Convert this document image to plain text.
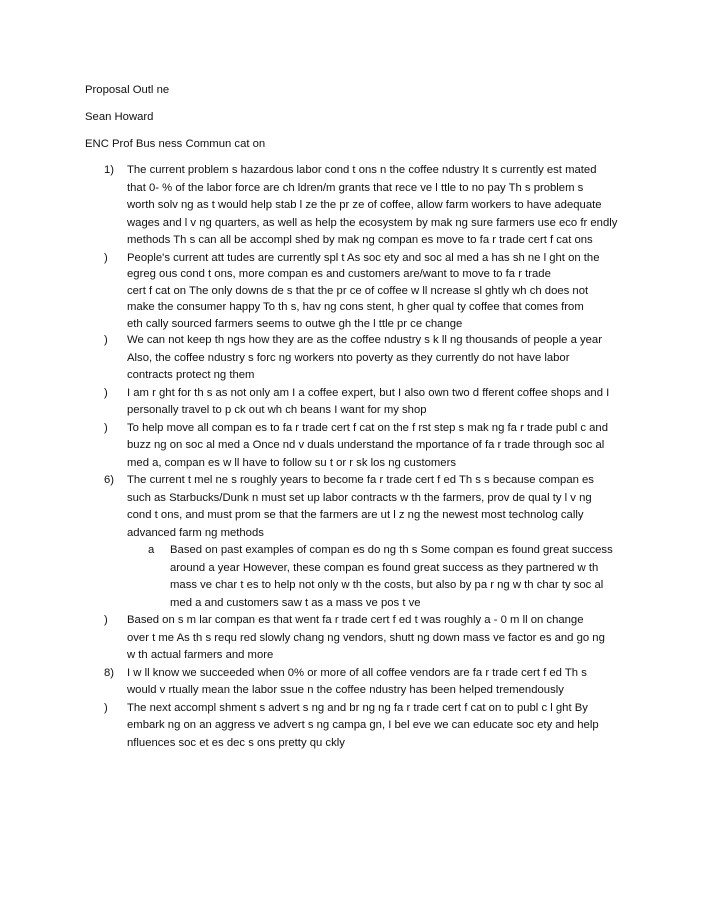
Proposal Outl ne
Sean Howard
ENC Prof Bus ness Commun cat on
1)	The current problem s hazardous labor cond t ons n the coffee ndustry It s currently est mated
that 0- % of the labor force are ch ldren/m grants that rece ve l ttle to no pay Th s problem s
worth solv ng as t would help stab l ze the pr ze of coffee, allow farm workers to have adequate
wages and l v ng quarters, as well as help the ecosystem by mak ng sure farmers use eco fr endly
methods Th s can all be accompl shed by mak ng compan es move to fa r trade cert f cat ons
)	People's current att tudes are currently spl t As soc ety and soc al med a has sh ne l ght on the
egreg ous cond t ons, more compan es and customers are/want to move to fa r trade
cert f cat on The only downs de s that the pr ce of coffee w ll ncrease sl ghtly wh ch does not
make the consumer happy To th s, hav ng cons stent, h gher qual ty coffee that comes from
eth cally sourced farmers seems to outwe gh the l ttle pr ce change
)	We can not keep th ngs how they are as the coffee ndustry s k ll ng thousands of people a year
Also, the coffee ndustry s forc ng workers nto poverty as they currently do not have labor
contracts protect ng them
)	I am r ght for th s as not only am I a coffee expert, but I also own two d fferent coffee shops and I
personally travel to p ck out wh ch beans I want for my shop
)	To help move all compan es to fa r trade cert f cat on the f rst step s mak ng fa r trade publ c and
buzz ng on soc al med a Once nd v duals understand the mportance of fa r trade through soc al
med a, compan es w ll have to follow su t or r sk los ng customers
6)	The current t mel ne s roughly years to become fa r trade cert f ed Th s s because compan es
such as Starbucks/Dunk n must set up labor contracts w th the farmers, prov de qual ty l v ng
cond t ons, and must prom se that the farmers are ut l z ng the newest most technolog cally
advanced farm ng methods
a	Based on past examples of compan es do ng th s Some compan es found great success
around a year However, these compan es found great success as they partnered w th
mass ve char t es to help not only w th the costs, but also by pa r ng w th char ty soc al
med a and customers saw t as a mass ve pos t ve
)	Based on s m lar compan es that went fa r trade cert f ed t was roughly a - 0 m ll on change
over t me As th s requ red slowly chang ng vendors, shutt ng down mass ve factor es and go ng
w th actual farmers and more
8)	I w ll know we succeeded when 0% or more of all coffee vendors are fa r trade cert f ed Th s
would v rtually mean the labor ssue n the coffee ndustry has been helped tremendously
)	The next accompl shment s advert s ng and br ng ng fa r trade cert f cat on to publ c l ght By
embark ng on an aggress ve advert s ng campa gn, I bel eve we can educate soc ety and help
nfluences soc et es dec s ons pretty qu ckly
